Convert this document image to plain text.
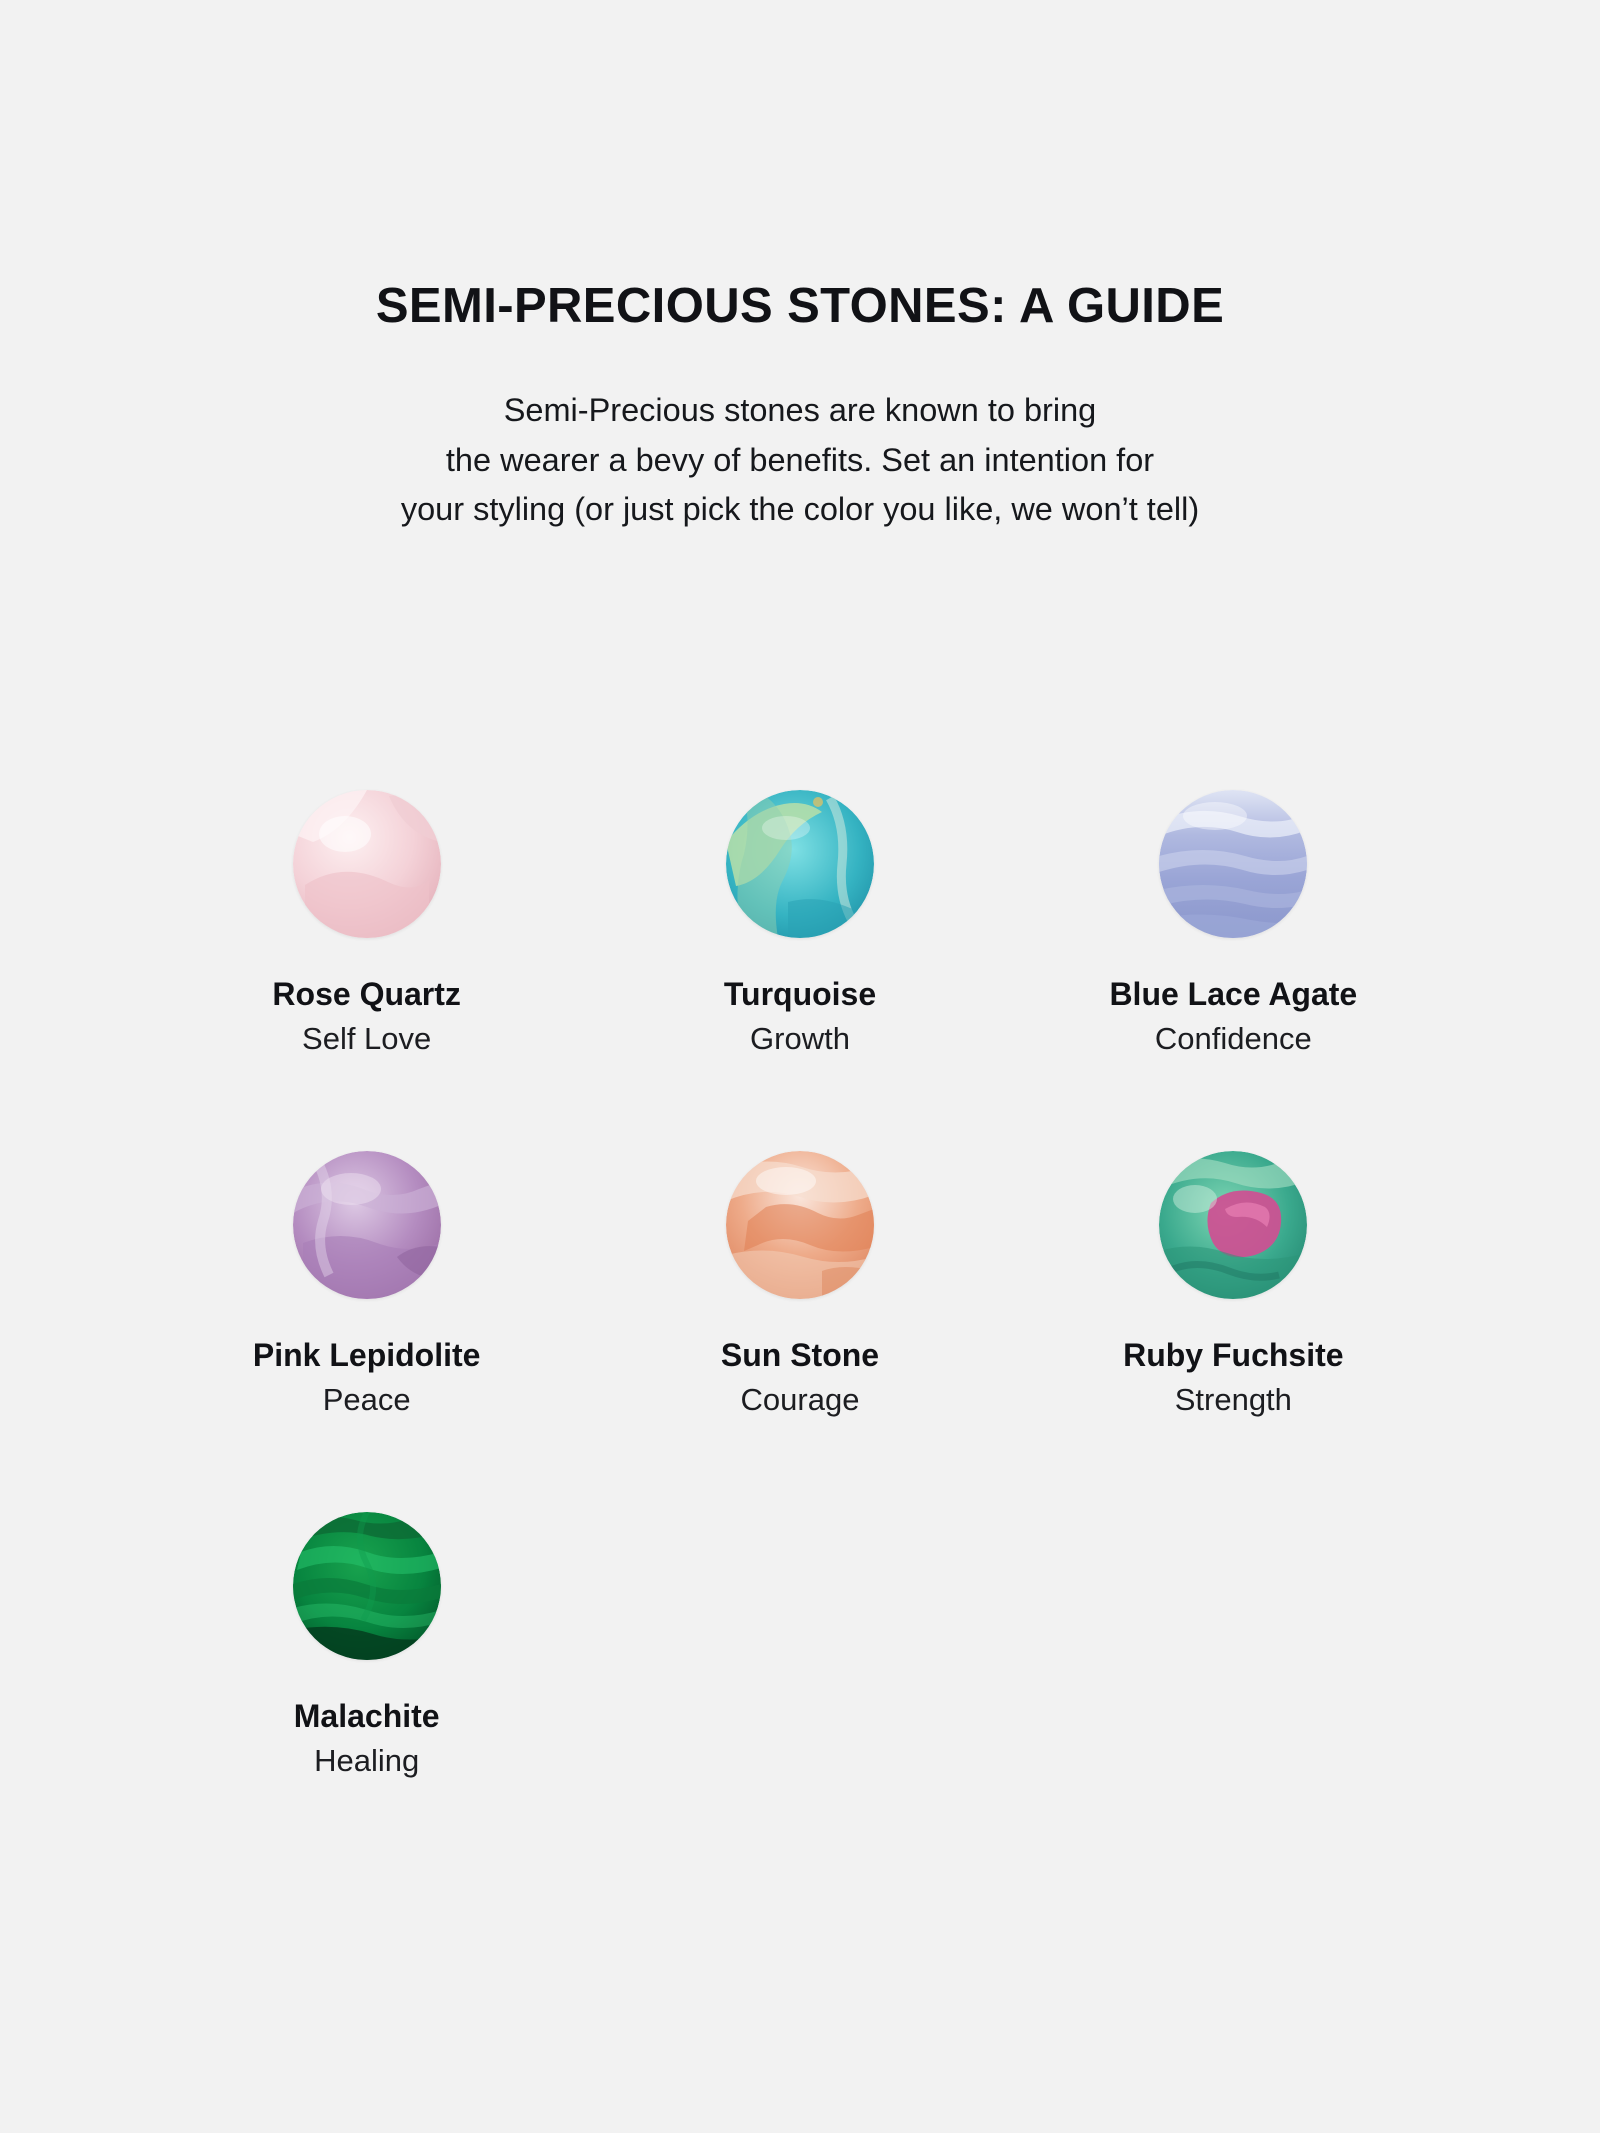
SEMI-PRECIOUS STONES: A GUIDE

Semi-Precious stones are known to bring
the wearer a bevy of benefits. Set an intention for
your styling (or just pick the color you like, we won’t tell)

Rose Quartz
Self Love
Turquoise
Growth
Blue Lace Agate
Confidence
Pink Lepidolite
Peace
Sun Stone
Courage
Ruby Fuchsite
Strength
Malachite
Healing
